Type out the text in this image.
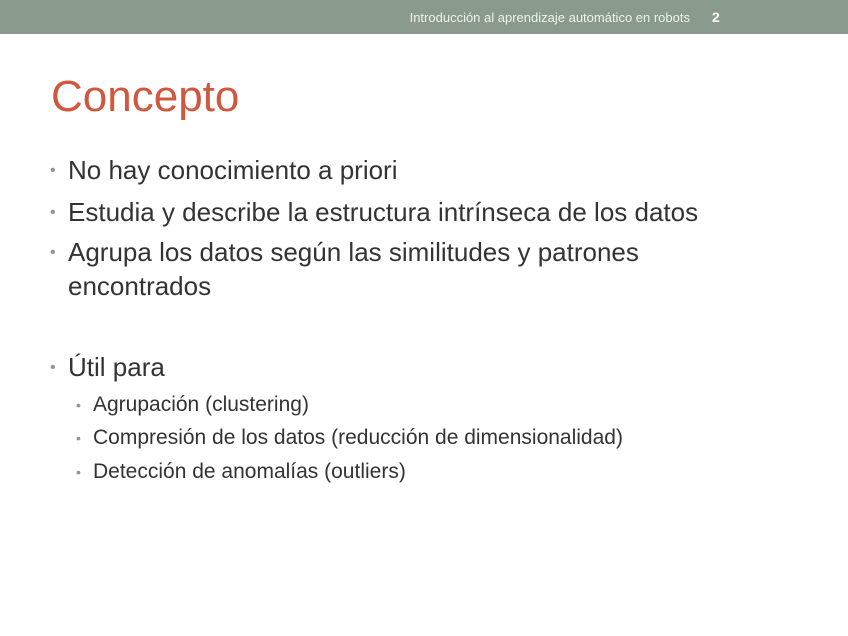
Introducción al aprendizaje automático en robots 2
Concepto
• No hay conocimiento a priori
• Estudia y describe la estructura intrínseca de los datos
• Agrupa los datos según las similitudes y patrones
encontrados
• Útil para
• Agrupación (clustering)
• Compresión de los datos (reducción de dimensionalidad)
• Detección de anomalías (outliers)
